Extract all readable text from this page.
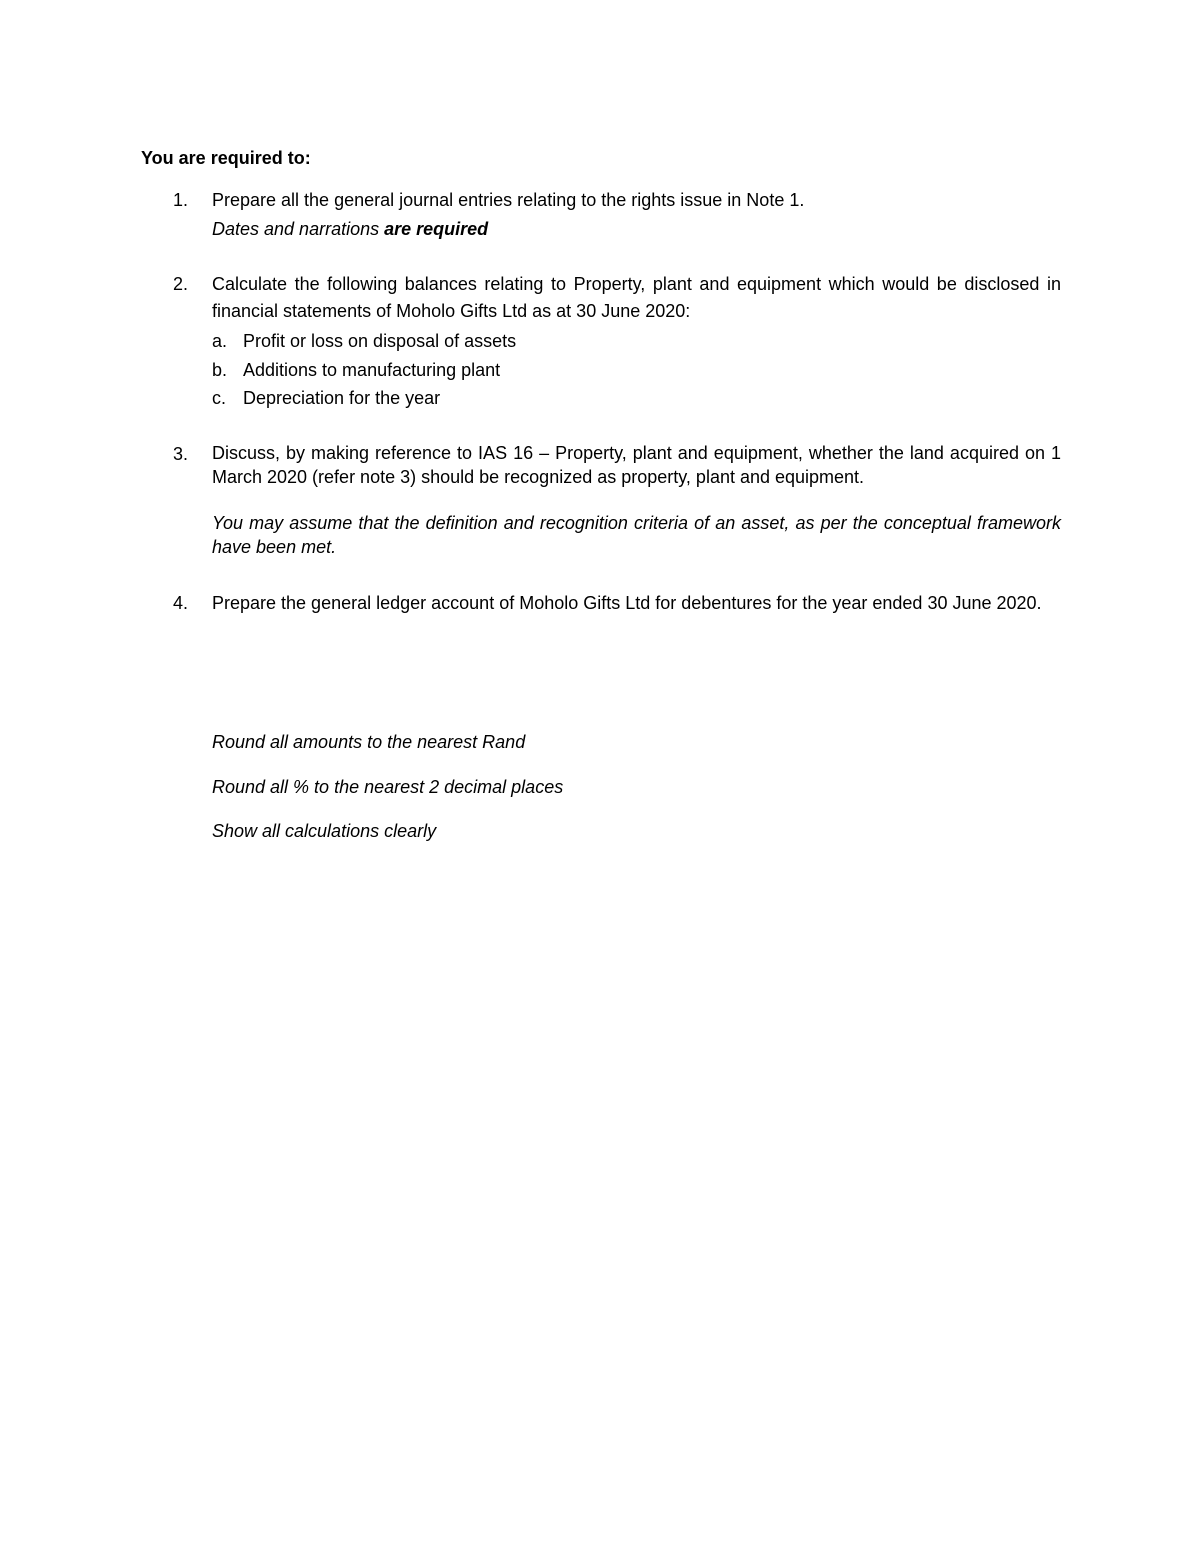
You are required to:
1.	Prepare all the general journal entries relating to the rights issue in Note 1.
Dates and narrations are required
2.	Calculate the following balances relating to Property, plant and equipment which would be disclosed in financial statements of Moholo Gifts Ltd as at 30 June 2020:
a. Profit or loss on disposal of assets
b. Additions to manufacturing plant
c. Depreciation for the year
3.	Discuss, by making reference to IAS 16 – Property, plant and equipment, whether the land acquired on 1 March 2020 (refer note 3) should be recognized as property, plant and equipment.
You may assume that the definition and recognition criteria of an asset, as per the conceptual framework have been met.
4.	Prepare the general ledger account of Moholo Gifts Ltd for debentures for the year ended 30 June 2020.
Round all amounts to the nearest Rand
Round all % to the nearest 2 decimal places
Show all calculations clearly
